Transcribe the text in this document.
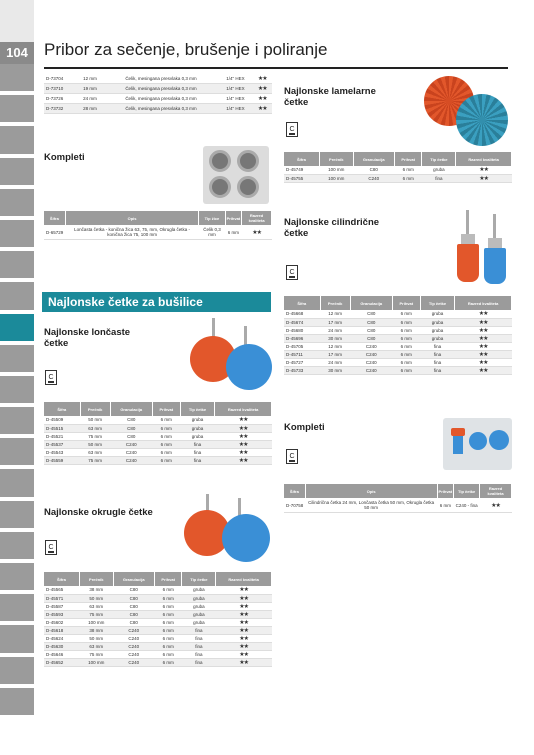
104 Pribor za sečenje, brušenje i poliranje
D-73704	12 mm	Čelik, mesingana presvlaka 0,3 mm	1/4" HEX	★★
D-73710	19 mm	Čelik, mesingana presvlaka 0,3 mm	1/4" HEX	★★
D-73726	24 mm	Čelik, mesingana presvlaka 0,3 mm	1/4" HEX	★★
D-73732	28 mm	Čelik, mesingana presvlaka 0,3 mm	1/4" HEX	★★
Kompleti
Šifra	Opis	Tip žice	Prihvat	Razred kvaliteta
D-65729	Lončasta četka - konična žica 63, 75, mm, Okrugla četka - konična žica 75, 100 mm	Čelik 0,3 mm	6 mm	★★
Najlonske četke za bušilice
Najlonske lončaste četke
C
Šifra	Prečnik	Granulacija	Prihvat	Tip četke	Razred kvaliteta
D-45509	50 mm	C80	6 mm	gruba	★★
D-45515	63 mm	C80	6 mm	gruba	★★
D-45521	75 mm	C80	6 mm	gruba	★★
D-45537	50 mm	C240	6 mm	fina	★★
D-45543	63 mm	C240	6 mm	fina	★★
D-45559	75 mm	C240	6 mm	fina	★★
Najlonske okrugle četke
C
Šifra	Prečnik	Granulacija	Prihvat	Tip četke	Razred kvaliteta
D-45565	38 mm	C80	6 mm	gruba	★★
D-45571	50 mm	C80	6 mm	gruba	★★
D-45587	63 mm	C80	6 mm	gruba	★★
D-45593	75 mm	C80	6 mm	gruba	★★
D-45602	100 mm	C80	6 mm	gruba	★★
D-45618	38 mm	C240	6 mm	fina	★★
D-45624	50 mm	C240	6 mm	fina	★★
D-45630	63 mm	C240	6 mm	fina	★★
D-45646	75 mm	C240	6 mm	fina	★★
D-45652	100 mm	C240	6 mm	fina	★★
Najlonske lamelarne četke
C
Šifra	Prečnik	Granulacija	Prihvat	Tip četke	Razred kvaliteta
D-45749	100 mm	C80	6 mm	gruba	★★
D-45755	100 mm	C240	6 mm	fina	★★
Najlonske cilindrične četke
C
Šifra	Prečnik	Granulacija	Prihvat	Tip četke	Razred kvaliteta
D-45668	12 mm	C80	6 mm	gruba	★★
D-45674	17 mm	C80	6 mm	gruba	★★
D-45680	24 mm	C80	6 mm	gruba	★★
D-45696	30 mm	C80	6 mm	gruba	★★
D-45705	12 mm	C240	6 mm	fina	★★
D-45711	17 mm	C240	6 mm	fina	★★
D-45727	24 mm	C240	6 mm	fina	★★
D-45733	30 mm	C240	6 mm	fina	★★
Kompleti
C
Šifra	Opis	Prihvat	Tip četke	Razred kvaliteta
D-70758	Cilindrična četka 24 mm, Lončasta četka 50 mm, Okrugla četka 50 mm	6 mm	C240 - fina	★★
